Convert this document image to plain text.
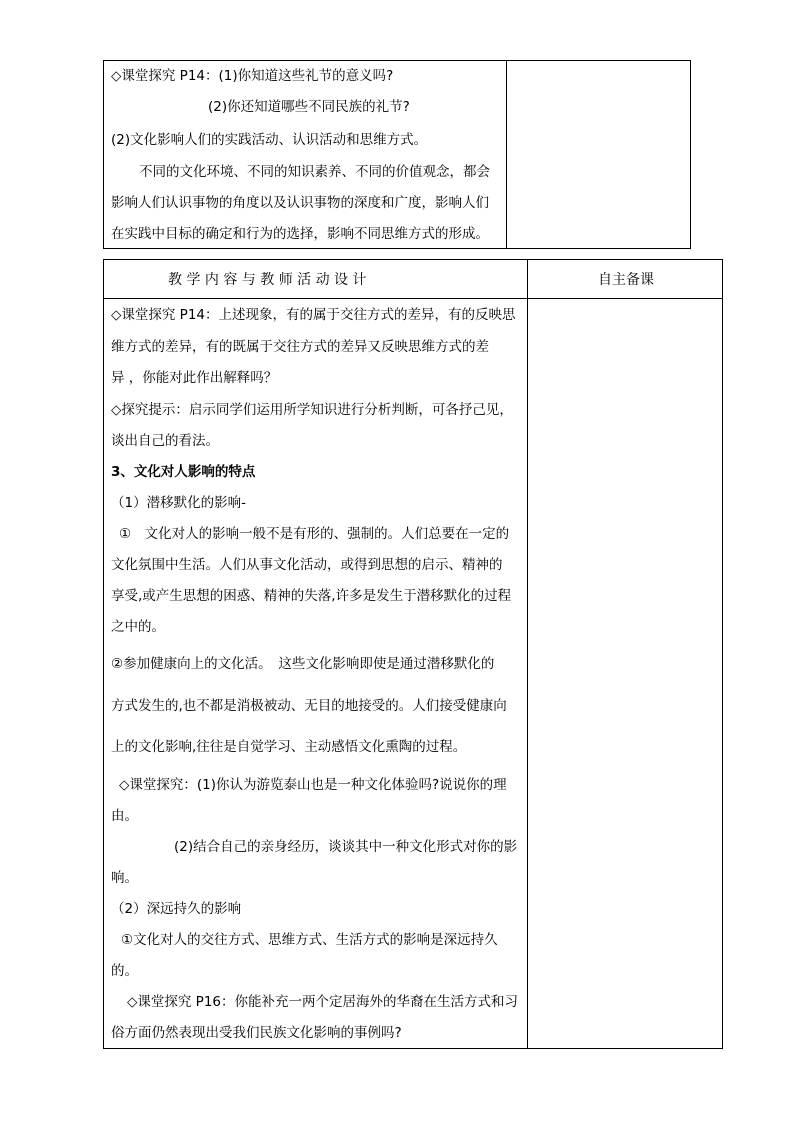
◇课堂探究 P14：(1)你知道这些礼节的意义吗?
(2)你还知道哪些不同民族的礼节?
(2)文化影响人们的实践活动、认识活动和思维方式。
不同的文化环境、不同的知识素养、不同的价值观念，都会
影响人们认识事物的角度以及认识事物的深度和广度，影响人们
在实践中目标的确定和行为的选择，影响不同思维方式的形成。
教 学 内 容 与 教 师 活 动 设 计	自主备课
◇课堂探究 P14：上述现象，有的属于交往方式的差异，有的反映思
维方式的差异，有的既属于交往方式的差异又反映思维方式的差
异 ，你能对此作出解释吗？
◇探究提示：启示同学们运用所学知识进行分析判断，可各抒己见，
谈出自己的看法。
3、文化对人影响的特点
（1）潜移默化的影响-
①　文化对人的影响一般不是有形的、强制的。人们总要在一定的
文化氛围中生活。人们从事文化活动，或得到思想的启示、精神的
享受,或产生思想的困惑、精神的失落,许多是发生于潜移默化的过程
之中的。
②参加健康向上的文化活。　这些文化影响即使是通过潜移默化的
方式发生的,也不都是消极被动、无目的地接受的。人们接受健康向
上的文化影响,往往是自觉学习、主动感悟文化熏陶的过程。
◇课堂探究：(1)你认为游览泰山也是一种文化体验吗?说说你的理
由。
(2)结合自己的亲身经历，谈谈其中一种文化形式对你的影
响。
（2）深远持久的影响
①文化对人的交往方式、思维方式、生活方式的影响是深远持久
的。
◇课堂探究 P16：你能补充一两个定居海外的华裔在生活方式和习
俗方面仍然表现出受我们民族文化影响的事例吗?
